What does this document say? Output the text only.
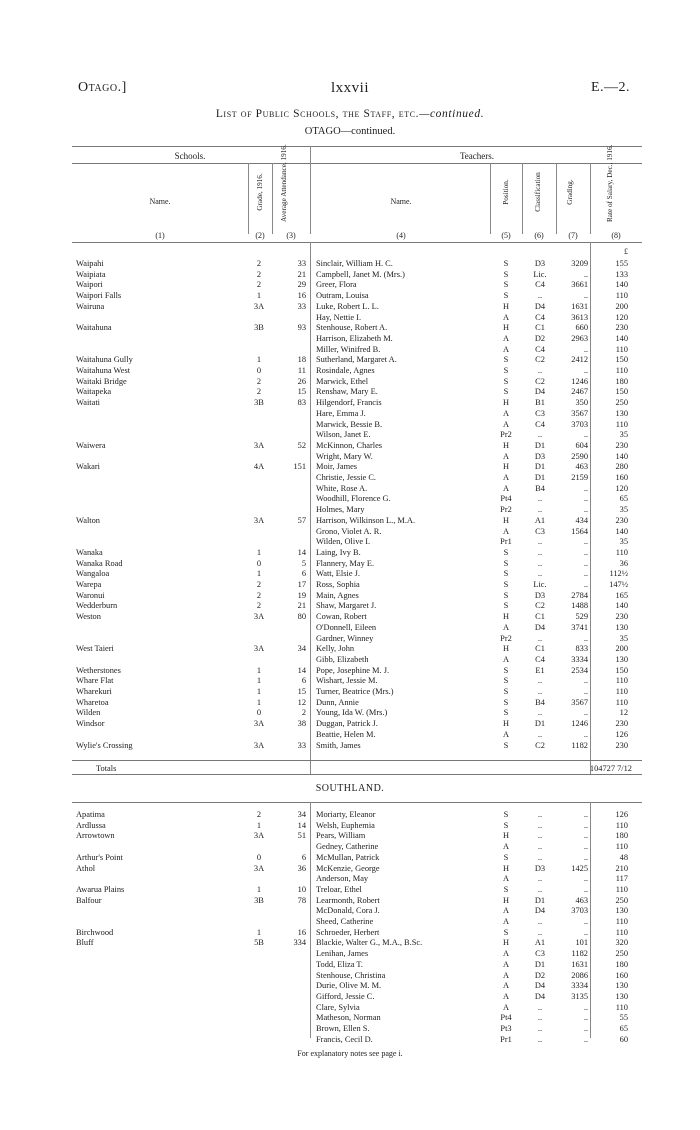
Otago.]	lxxvii	E.—2.
List of Public Schools, the Staff, etc.—continued.
OTAGO—continued.
Schools.	Teachers.
Name.	Grade, 1916. Average Attendance, 1916.	Name.	Position.	Classification	Grading.	Rate of Salary, Dec., 1916.
(1)	(2)	(3)	(4)	(5)	(6)	(7)	(8)
£
Waipahi	2	33 Sinclair, William H. C.	S	D3	3209	155
Waipiata	2	21 Campbell, Janet M. (Mrs.)	S	Lic.	..	133
Waipori	2	29 Greer, Flora	S	C4	3661	140
Waipori Falls	1	16 Outram, Louisa	S	..	..	110
Wairuna	3A	33 Luke, Robert L. L.	H	D4	1631	200
Hay, Nettie I.	A	C4	3613	120
Waitahuna	3B	93 Stenhouse, Robert A.	H	C1	660	230
Harrison, Elizabeth M.	A	D2	2963	140
Miller, Winifred B.	A	C4	..	110
Waitahuna Gully	1	18 Sutherland, Margaret A.	S	C2	2412	150
Waitahuna West	0	11 Rosindale, Agnes	S	..	..	110
Waitaki Bridge	2	26 Marwick, Ethel	S	C2	1246	180
Waitapeka	2	15 Renshaw, Mary E.	S	D4	2467	150
Waitati	3B	83 Hilgendorf, Francis	H	B1	350	250
Hare, Emma J.	A	C3	3567	130
Marwick, Bessie B.	A	C4	3703	110
Wilson, Janet E.	Pr2	..	..	35
Waiwera	3A	52 McKinnon, Charles	H	D1	604	230
Wright, Mary W.	A	D3	2590	140
Wakari	4A	151 Moir, James	H	D1	463	280
Christie, Jessie C.	A	D1	2159	160
White, Rose A.	A	B4	..	120
Woodhill, Florence G.	Pt4	..	..	65
Holmes, Mary	Pr2	..	..	35
Walton	3A	57 Harrison, Wilkinson L., M.A.	H	A1	434	230
Grono, Violet A. R.	A	C3	1564	140
Wilden, Olive I.	Pr1	..	..	35
Wanaka	1	14 Laing, Ivy B.	S	..	..	110
Wanaka Road	0	5 Flannery, May E.	S	..	..	36
Wangaloa	1	6 Watt, Elsie J.	S	..	..	112½
Warepa	2	17 Ross, Sophia	S	Lic.	..	147½
Waronui	2	19 Main, Agnes	S	D3	2784	165
Wedderburn	2	21 Shaw, Margaret J.	S	C2	1488	140
Weston	3A	80 Cowan, Robert	H	C1	529	230
O'Donnell, Eileen	A	D4	3741	130
Gardner, Winney	Pr2	..	..	35
West Taieri	3A	34 Kelly, John	H	C1	833	200
Gibb, Elizabeth	A	C4	3334	130
Wetherstones	1	14 Pope, Josephine M. J.	S	E1	2534	150
Whare Flat	1	6 Wishart, Jessie M.	S	..	..	110
Wharekuri	1	15 Turner, Beatrice (Mrs.)	S	..	..	110
Wharetoa	1	12 Dunn, Annie	S	B4	3567	110
Wilden	0	2 Young, Ida W. (Mrs.)	S	..	..	12
Windsor	3A	38 Duggan, Patrick J.	H	D1	1246	230
Beattie, Helen M.	A	..	..	126
Wylie's Crossing	3A	33 Smith, James	S	C2	1182	230
Totals	104727 7/12
SOUTHLAND.
Apatima	2	34 Moriarty, Eleanor	S	..	..	126
Ardlussa	1	14 Welsh, Euphemia	S	..	..	110
Arrowtown	3A	51 Pears, William	H	..	..	180
Gedney, Catherine	A	..	..	110
Arthur's Point	0	6 McMullan, Patrick	S	..	..	48
Athol	3A	36 McKenzie, George	H	D3	1425	210
Anderson, May	A	..	..	117
Awarua Plains	1	10 Treloar, Ethel	S	..	..	110
Balfour	3B	78 Learmonth, Robert	H	D1	463	250
McDonald, Cora J.	A	D4	3703	130
Sheed, Catherine	A	..	..	110
Birchwood	1	16 Schroeder, Herbert	S	..	..	110
Bluff	5B	334 Blackie, Walter G., M.A., B.Sc.	H	A1	101	320
Lenihan, James	A	C3	1182	250
Todd, Eliza T.	A	D1	1631	180
Stenhouse, Christina	A	D2	2086	160
Durie, Olive M. M.	A	D4	3334	130
Gifford, Jessie C.	A	D4	3135	130
Clare, Sylvia	A	..	..	110
Matheson, Norman	Pt4	..	..	55
Brown, Ellen S.	Pt3	..	..	65
Francis, Cecil D.	Pr1	..	..	60
For explanatory notes see page i.
